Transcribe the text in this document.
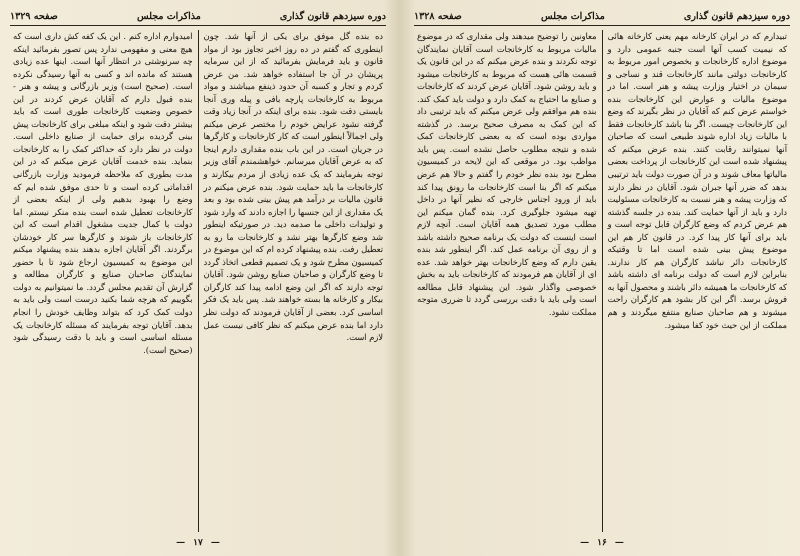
دوره سیزدهم قانون گذاری
مذاکرات مجلس
صفحه ۱۳۲۹

ده بنده گل موفق برای یکی از آنها شد. چون اینطوری که گفتم در ده روز اخیر تجاوز بود از مواد قانون و باید فرمایش بفرمائید که از این سرمایه پریشان در آن جا استفاده خواهد شد. من عرض کردم و تجار و کسبه آن حدود ذینفع میباشند و مواد مربوط به کارخانجات پارچه بافی و پیله وری آنجا بایستی دقت شود. بنده برای اینکه در آنجا زیاد وقت گرفته نشود عرایض خودم را مختصر عرض میکنم ولی اجمالاً اینطور است که کار کارخانجات و کارگرها در جریان است. در این باب بنده مقداری دارم اینجا که به عرض آقایان میرسانم. خواهشمندم آقای وزیر توجه بفرمایند که یک عده زیادی از مردم بیکارند و کارخانجات ما باید حمایت شود. بنده عرض میکنم در قانون مالیات بر درآمد هم پیش بینی شده بود و بعد یک مقداری از این جنسها را اجازه دادند که وارد شود و تولیدات داخلی ما صدمه دید. در صورتیکه اینطور شد وضع کارگرها بهتر نشد و کارخانجات ما رو به تعطیل رفت. بنده پیشنهاد کرده ام که این موضوع در کمیسیون مطرح شود و یک تصمیم قطعی اتخاذ گردد تا وضع کارگران و صاحبان صنایع روشن شود. آقایان توجه دارند که اگر این وضع ادامه پیدا کند کارگران بیکار و کارخانه ها بسته خواهند شد. پس باید یک فکر اساسی کرد. بعضی از آقایان فرمودند که دولت نظر دارد اما بنده عرض میکنم که نظر کافی نیست عمل لازم است.

امیدوارم اداره کنم . این یک کفه کش داری است که هیچ معنی و مفهومی ندارد پس تصور بفرمائید اینکه چه سرنوشتی در انتظار آنها است. اینها عده زیادی هستند که مانده اند و کسی به آنها رسیدگی نکرده است. (صحیح است) وزیر بازرگانی و پیشه و هنر - بنده قبول دارم که آقایان عرض کردند در این خصوص وضعیت کارخانجات طوری است که باید بیشتر دقت شود و اینکه مبلغی برای کارخانجات پیش بینی گردیده برای حمایت از صنایع داخلی است. دولت در نظر دارد که حداکثر کمک را به کارخانجات بنماید. بنده خدمت آقایان عرض میکنم که در این مدت بطوری که ملاحظه فرمودید وزارت بازرگانی اقداماتی کرده است و تا حدی موفق شده ایم که وضع را بهبود بدهیم ولی از اینکه بعضی از کارخانجات تعطیل شده است بنده منکر نیستم. اما دولت با کمال جدیت مشغول اقدام است که این کارخانجات باز شوند و کارگرها سر کار خودشان برگردند. اگر آقایان اجازه بدهند بنده پیشنهاد میکنم این موضوع به کمیسیون ارجاع شود تا با حضور نمایندگان صاحبان صنایع و کارگران مطالعه و گزارش آن تقدیم مجلس گردد. ما نمیتوانیم به دولت بگوییم که هرچه شما بکنید درست است ولی باید به دولت کمک کرد که بتواند وظایف خودش را انجام بدهد. آقایان توجه بفرمایند که مسئله کارخانجات یک مسئله اساسی است و باید با دقت رسیدگی شود (صحیح است).

— ۱۷ —
دوره سیزدهم قانون گذاری
مذاکرات مجلس
صفحه ۱۳۲۸

تبیدارم که در ایران کارخانه مهم یعنی کارخانه هائی که نیمیت کسب آنها است جنبه عمومی دارد و موضوع اداره کارخانجات و بخصوص امور مربوط به کارخانجات دولتی مانند کارخانجات قند و نساجی و سیمان در اختیار وزارت پیشه و هنر است. اما در موضوع مالیات و عوارض این کارخانجات بنده خواستم عرض کنم که آقایان در نظر بگیرند که وضع این کارخانجات چیست. اگر بنا باشد کارخانجات فقط با مالیات زیاد اداره شوند طبیعی است که صاحبان آنها نمیتوانند رقابت کنند. بنده عرض میکنم که پیشنهاد شده است این کارخانجات از پرداخت بعضی مالیاتها معاف شوند و در آن صورت دولت باید ترتیبی بدهد که ضرر آنها جبران شود. آقایان در نظر دارند که وزارت پیشه و هنر نسبت به کارخانجات مسئولیت دارد و باید از آنها حمایت کند. بنده در جلسه گذشته هم عرض کردم که وضع کارگران قابل توجه است و باید برای آنها کار پیدا کرد. در قانون کار هم این موضوع پیش بینی شده است اما تا وقتیکه کارخانجات دائر نباشد کارگران هم کار ندارند. بنابراین لازم است که دولت برنامه ای داشته باشد که کارخانجات ما همیشه دائر باشند و محصول آنها به فروش برسد. اگر این کار بشود هم کارگران راحت میشوند و هم صاحبان صنایع منتفع میگردند و هم مملکت از این حیث خود کفا میشود.

معاونین را توضیح میدهند ولی مقداری که در موضوع مالیات مربوط به کارخانجات است آقایان نمایندگان توجه نکردند و بنده عرض میکنم که در این قانون یک قسمت هائی هست که مربوط به کارخانجات میشود و باید روشن شود. آقایان عرض کردند که کارخانجات و صنایع ما احتیاج به کمک دارد و دولت باید کمک کند. بنده هم موافقم ولی عرض میکنم که باید ترتیبی داد که این کمک به مصرف صحیح برسد. در گذشته مواردی بوده است که به بعضی کارخانجات کمک شده و نتیجه مطلوب حاصل نشده است. پس باید مواظب بود. در موقعی که این لایحه در کمیسیون مطرح بود بنده نظر خودم را گفتم و حالا هم عرض میکنم که اگر بنا است کارخانجات ما رونق پیدا کند باید از ورود اجناس خارجی که نظیر آنها در داخل تهیه میشود جلوگیری کرد. بنده گمان میکنم این مطلب مورد تصدیق همه آقایان است. آنچه لازم است اینست که دولت یک برنامه صحیح داشته باشد و از روی آن برنامه عمل کند. اگر اینطور شد بنده یقین دارم که وضع کارخانجات بهتر خواهد شد. عده ای از آقایان هم فرمودند که کارخانجات باید به بخش خصوصی واگذار شود. این پیشنهاد قابل مطالعه است ولی باید با دقت بررسی گردد تا ضرری متوجه مملکت نشود.

— ۱۶ —
